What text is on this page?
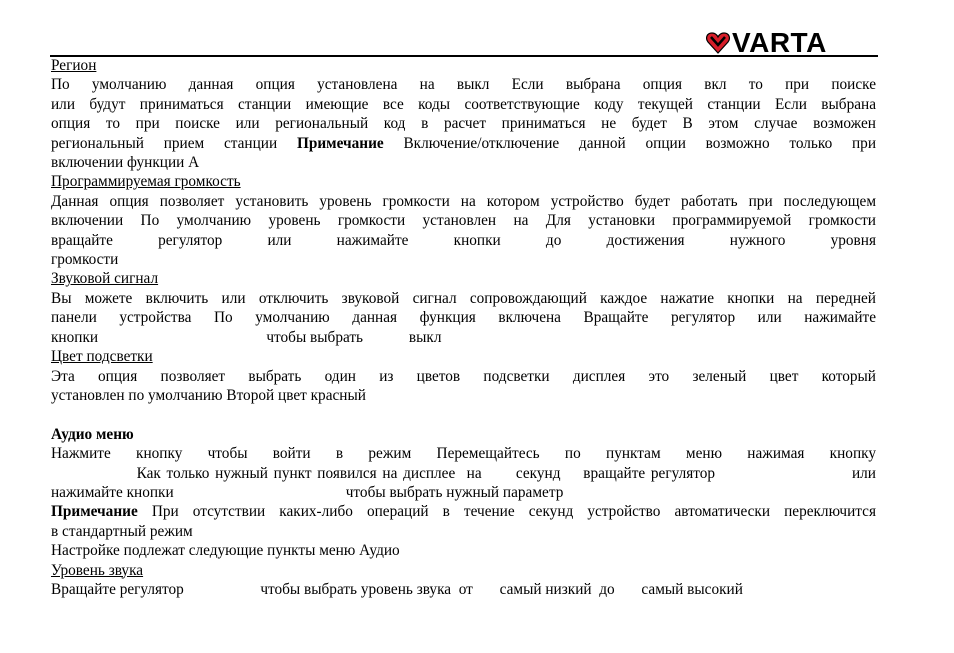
VARTA

Регион

По умолчанию данная опция установлена на выкл Если выбрана опция вкл то при поиске

или будут приниматься станции имеющие все коды соответствующие коду текущей станции Если выбрана

опция то при поиске или региональный код в расчет приниматься не будет В этом случае возможен

региональный прием станции Примечание Включение/отключение данной опции возможно только при

включении функции A

Программируемая громкость

Данная опция позволяет установить уровень громкости на котором устройство будет работать при последующем

включении По умолчанию уровень громкости установлен на Для установки программируемой громкости

вращайте регулятор или нажимайте кнопки до достижения нужного уровня

громкости

Звуковой сигнал

Вы можете включить или отключить звуковой сигнал сопровождающий каждое нажатие кнопки на передней

панели устройства По умолчанию данная функция включена Вращайте регулятор или нажимайте

кнопки                                            чтобы выбрать            выкл

Цвет подсветки

Эта опция позволяет выбрать один из цветов подсветки дисплея это зеленый цвет который

установлен по умолчанию Второй цвет красный

Аудио меню

Нажмите кнопку чтобы войти в режим Перемещайтесь по пунктам меню нажимая кнопку

Как только нужный пункт появился на дисплее  на      секунд    вращайте регулятор                        или

нажимайте кнопки                                             чтобы выбрать нужный параметр

Примечание При отсутствии каких-либо операций в течение секунд устройство автоматически переключится

в стандартный режим

Настройке подлежат следующие пункты меню Аудио

Уровень звука

Вращайте регулятор                    чтобы выбрать уровень звука  от       самый низкий  до       самый высокий
